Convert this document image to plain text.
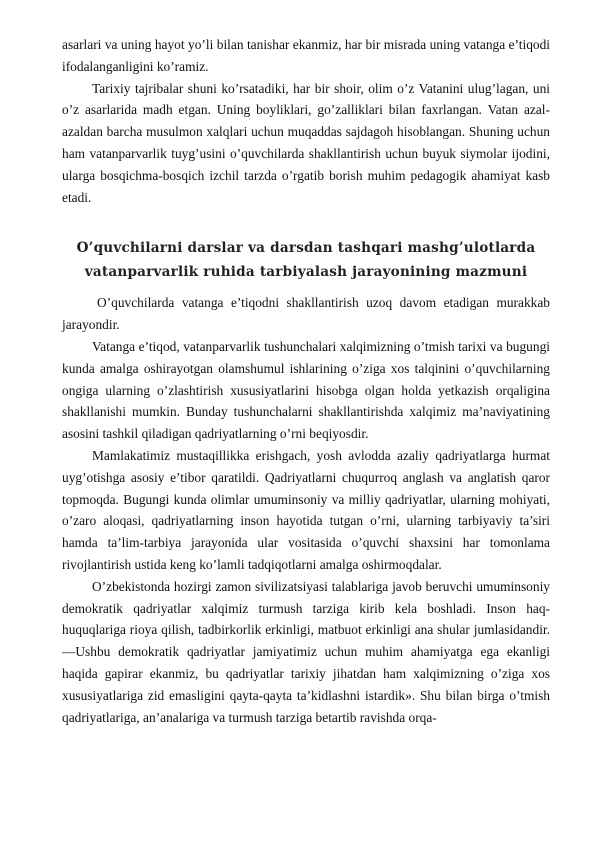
asarlari va uning hayot yo’li bilan tanishar ekanmiz, har bir misrada uning vatanga e’tiqodi ifodalanganligini ko’ramiz.

Tarixiy tajribalar shuni ko’rsatadiki, har bir shoir, olim o’z Vatanini ulug’lagan, uni o’z asarlarida madh etgan. Uning boyliklari, go’zalliklari bilan faxrlangan. Vatan azal-azaldan barcha musulmon xalqlari uchun muqaddas sajdagoh hisoblangan. Shuning uchun ham vatanparvarlik tuyg’usini o’quvchilarda shakllantirish uchun buyuk siymolar ijodini, ularga bosqichma-bosqich izchil tarzda o’rgatib borish muhim pedagogik ahamiyat kasb etadi.

O’quvchilarni darslar va darsdan tashqari mashg’ulotlarda
vatanparvarlik ruhida tarbiyalash jarayonining mazmuni

O’quvchilarda vatanga e’tiqodni shakllantirish uzoq davom etadigan murakkab jarayondir.

Vatanga e’tiqod, vatanparvarlik tushunchalari xalqimizning o’tmish tarixi va bugungi kunda amalga oshirayotgan olamshumul ishlarining o’ziga xos talqinini o’quvchilarning ongiga ularning o’zlashtirish xususiyatlarini hisobga olgan holda yetkazish orqaligina shakllanishi mumkin. Bunday tushunchalarni shakllantirishda xalqimiz ma’naviyatining asosini tashkil qiladigan qadriyatlarning o’rni beqiyosdir.

Mamlakatimiz mustaqillikka erishgach, yosh avlodda azaliy qadriyatlarga hurmat uyg’otishga asosiy e’tibor qaratildi. Qadriyatlarni chuqurroq anglash va anglatish qaror topmoqda. Bugungi kunda olimlar umuminsoniy va milliy qadriyatlar, ularning mohiyati, o’zaro aloqasi, qadriyatlarning inson hayotida tutgan o’rni, ularning tarbiyaviy ta’siri hamda ta’lim-tarbiya jarayonida ular vositasida o’quvchi shaxsini har tomonlama rivojlantirish ustida keng ko’lamli tadqiqotlarni amalga oshirmoqdalar.

O’zbekistonda hozirgi zamon sivilizatsiyasi talablariga javob beruvchi umuminsoniy demokratik qadriyatlar xalqimiz turmush tarziga kirib kela boshladi. Inson haq-huquqlariga rioya qilish, tadbirkorlik erkinligi, matbuot erkinligi ana shular jumlasidandir. ―Ushbu demokratik qadriyatlar jamiyatimiz uchun muhim ahamiyatga ega ekanligi haqida gapirar ekanmiz, bu qadriyatlar tarixiy jihatdan ham xalqimizning o’ziga xos xususiyatlariga zid emasligini qayta-qayta ta’kidlashni istardik». Shu bilan birga o’tmish qadriyatlariga, an’analariga va turmush tarziga betartib ravishda orqa-
